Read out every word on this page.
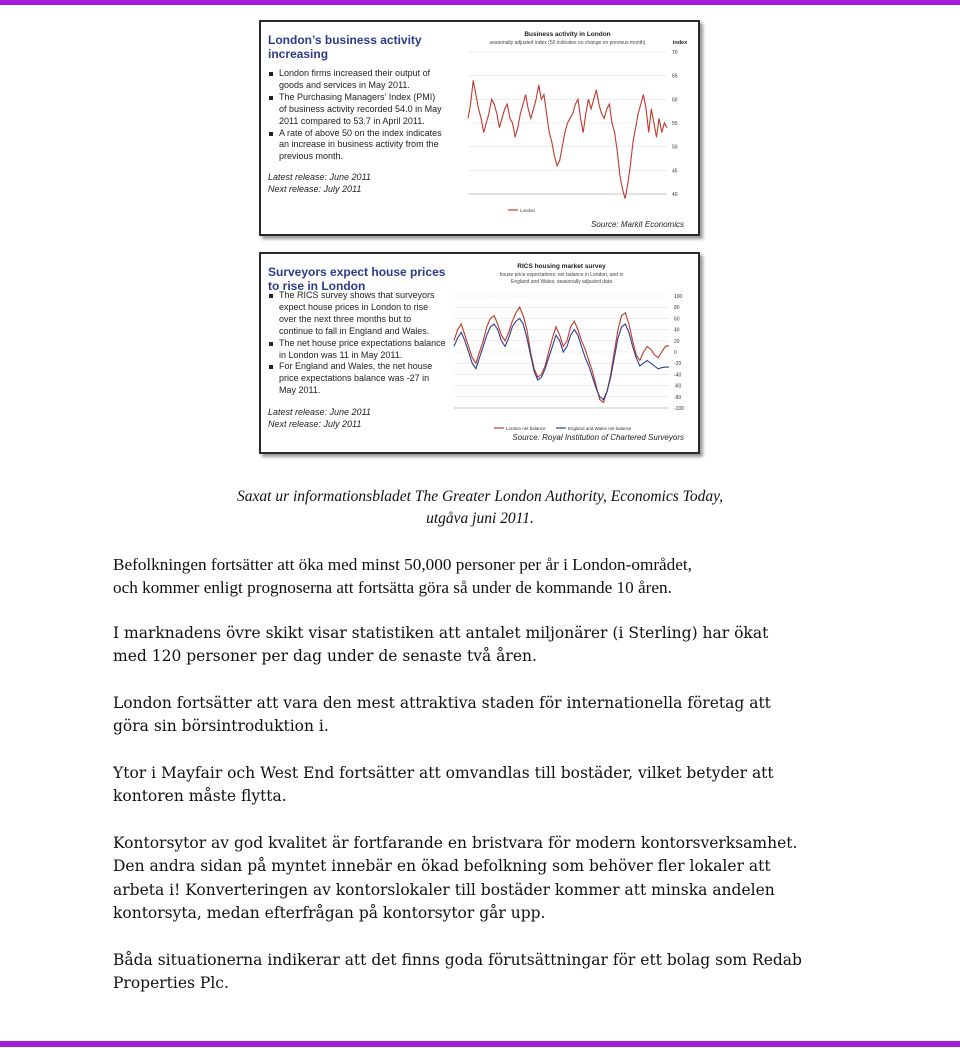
London’s business activity
increasing
London firms increased their output of
goods and services in May 2011.
The Purchasing Managers’ Index (PMI)
of business activity recorded 54.0 in May
2011 compared to 53.7 in April 2011.
A rate of above 50 on the index indicates
an increase in business activity from the
previous month.
Latest release: June 2011
Next release: July 2011
Business activity in London
seasonally adjusted index (50 indicates no change on previous month)	index
70
65
60
55
50
45
40
London
Source: Markit Economics
Surveyors expect house prices
to rise in London
The RICS survey shows that surveyors
expect house prices in London to rise
over the next three months but to
continue to fall in England and Wales.
The net house price expectations balance
in London was 11 in May 2011.
For England and Wales, the net house
price expectations balance was -27 in
May 2011.
Latest release: June 2011
Next release: July 2011
RICS housing market survey
house price expectations: net balance in London, and in
England and Wales, seasonally adjusted data
100
80
60
40
20
0
-20
-40
-60
-80
-100
London net balance	England and Wales net balance
Source: Royal Institution of Chartered Surveyors
Saxat ur informationsbladet The Greater London Authority, Economics Today,
utgåva juni 2011.
Befolkningen fortsätter att öka med minst 50,000 personer per år i London-området,
och kommer enligt prognoserna att fortsätta göra så under de kommande 10 åren.
I marknadens övre skikt visar statistiken att antalet miljonärer (i Sterling) har ökat
med 120 personer per dag under de senaste två åren.
London fortsätter att vara den mest attraktiva staden för internationella företag att
göra sin börsintroduktion i.
Ytor i Mayfair och West End fortsätter att omvandlas till bostäder, vilket betyder att
kontoren måste flytta.
Kontorsytor av god kvalitet är fortfarande en bristvara för modern kontorsverksamhet.
Den andra sidan på myntet innebär en ökad befolkning som behöver fler lokaler att
arbeta i! Konverteringen av kontorslokaler till bostäder kommer att minska andelen
kontorsyta, medan efterfrågan på kontorsytor går upp.
Båda situationerna indikerar att det finns goda förutsättningar för ett bolag som Redab
Properties Plc.
